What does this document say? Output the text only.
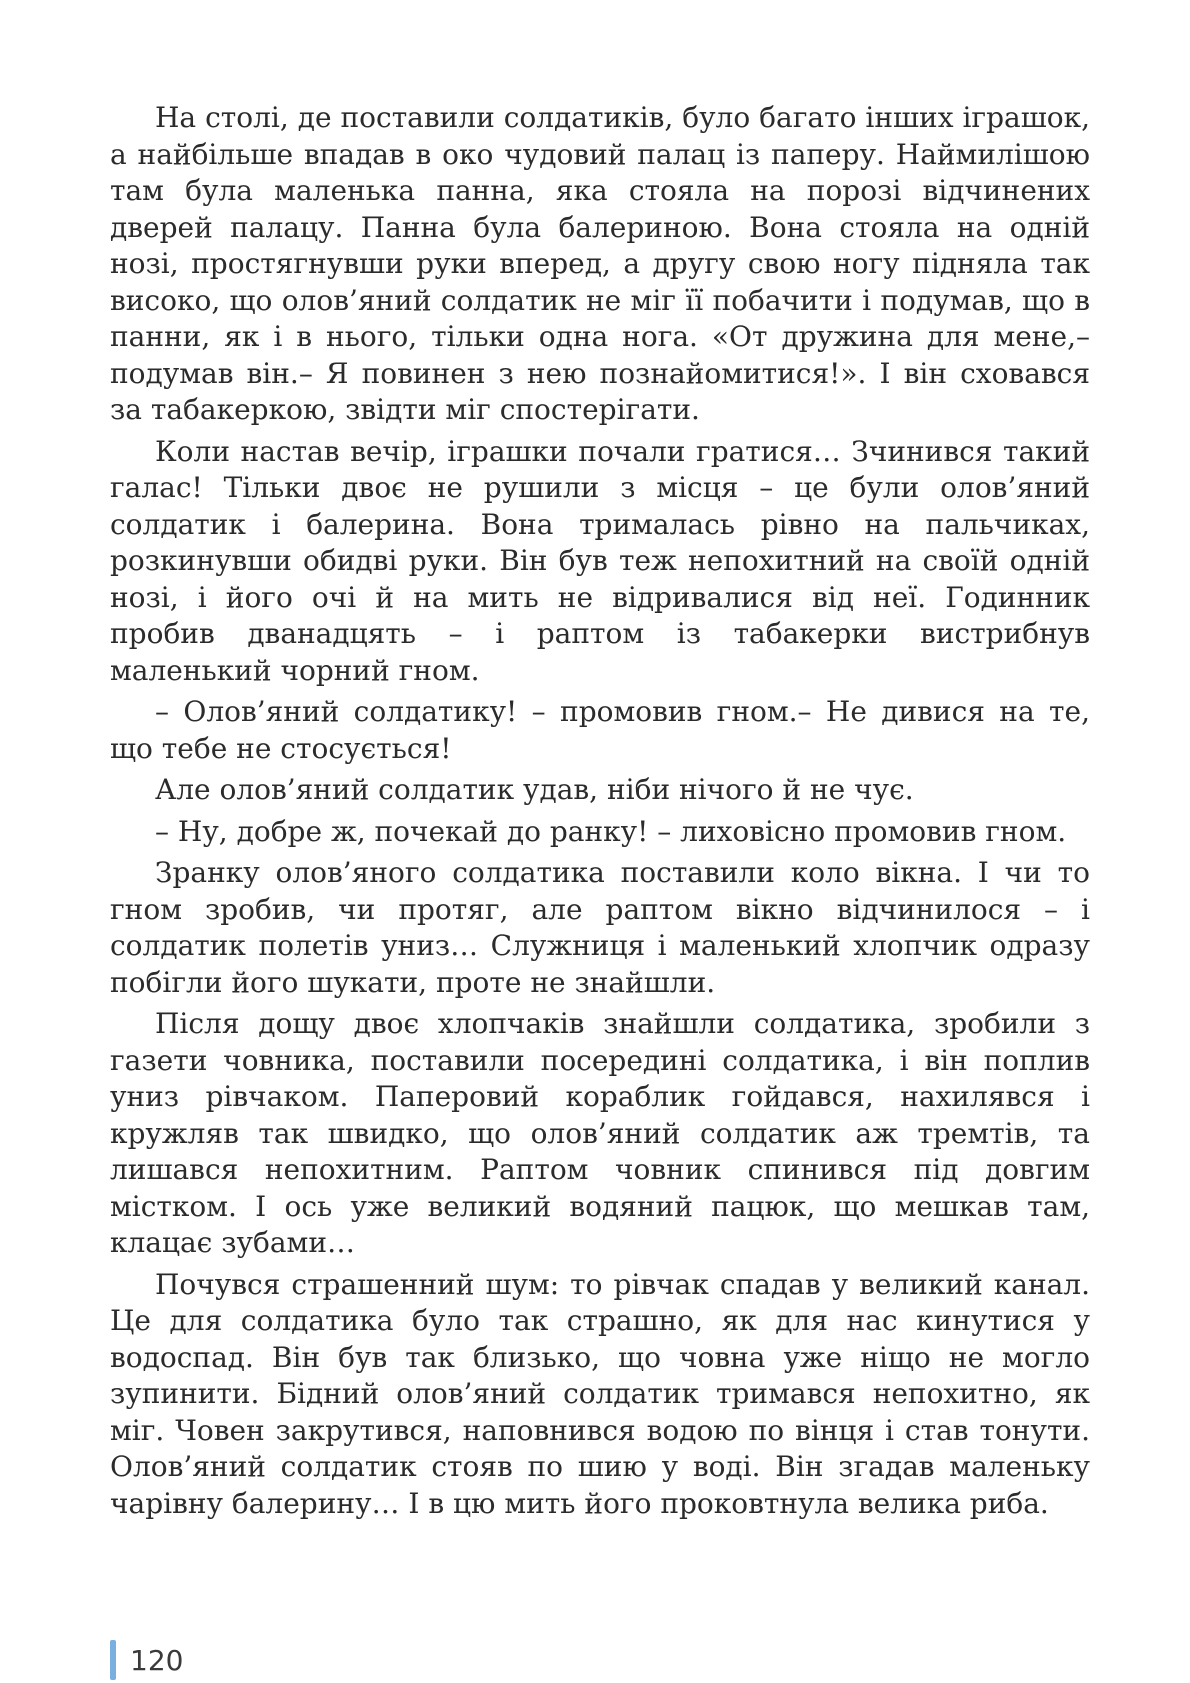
На столі, де поставили солдатиків, було багато інших іграшок, а найбільше впадав в око чудовий палац із паперу. Наймилішою там була маленька панна, яка стояла на порозі відчинених дверей палацу. Панна була балериною. Вона стояла на одній нозі, простягнувши руки вперед, а другу свою ногу підняла так високо, що олов’яний солдатик не міг її побачити і подумав, що в панни, як і в нього, тільки одна нога. «От дружина для мене,– подумав він.– Я повинен з нею познайомитися!». І він сховався за табакеркою, звідти міг спостерігати.

Коли настав вечір, іграшки почали гратися… Зчинився такий галас! Тільки двоє не рушили з місця – це були олов’яний солдатик і балерина. Вона трималась рівно на пальчиках, розкинувши обидві руки. Він був теж непохитний на своїй одній нозі, і його очі й на мить не відривалися від неї. Годинник пробив дванадцять – і раптом із табакерки вистрибнув маленький чорний гном.

– Олов’яний солдатику! – промовив гном.– Не дивися на те, що тебе не стосується!

Але олов’яний солдатик удав, ніби нічого й не чує.

– Ну, добре ж, почекай до ранку! – лиховісно промовив гном.

Зранку олов’яного солдатика поставили коло вікна. І чи то гном зробив, чи протяг, але раптом вікно відчинилося – і солдатик полетів униз… Служниця і маленький хлопчик одразу побігли його шукати, проте не знайшли.

Після дощу двоє хлопчаків знайшли солдатика, зробили з газети човника, поставили посередині солдатика, і він поплив униз рівчаком. Паперовий кораблик гойдався, нахилявся і кружляв так швидко, що олов’яний солдатик аж тремтів, та лишався непохитним. Раптом човник спинився під довгим містком. І ось уже великий водяний пацюк, що мешкав там, клацає зубами…

Почувся страшенний шум: то рівчак спадав у великий канал. Це для солдатика було так страшно, як для нас кинутися у водоспад. Він був так близько, що човна уже ніщо не могло зупинити. Бідний олов’яний солдатик тримався непохитно, як міг. Човен закрутився, наповнився водою по вінця і став тонути. Олов’яний солдатик стояв по шию у воді. Він згадав маленьку чарівну балерину… І в цю мить його проковтнула велика риба.

120
